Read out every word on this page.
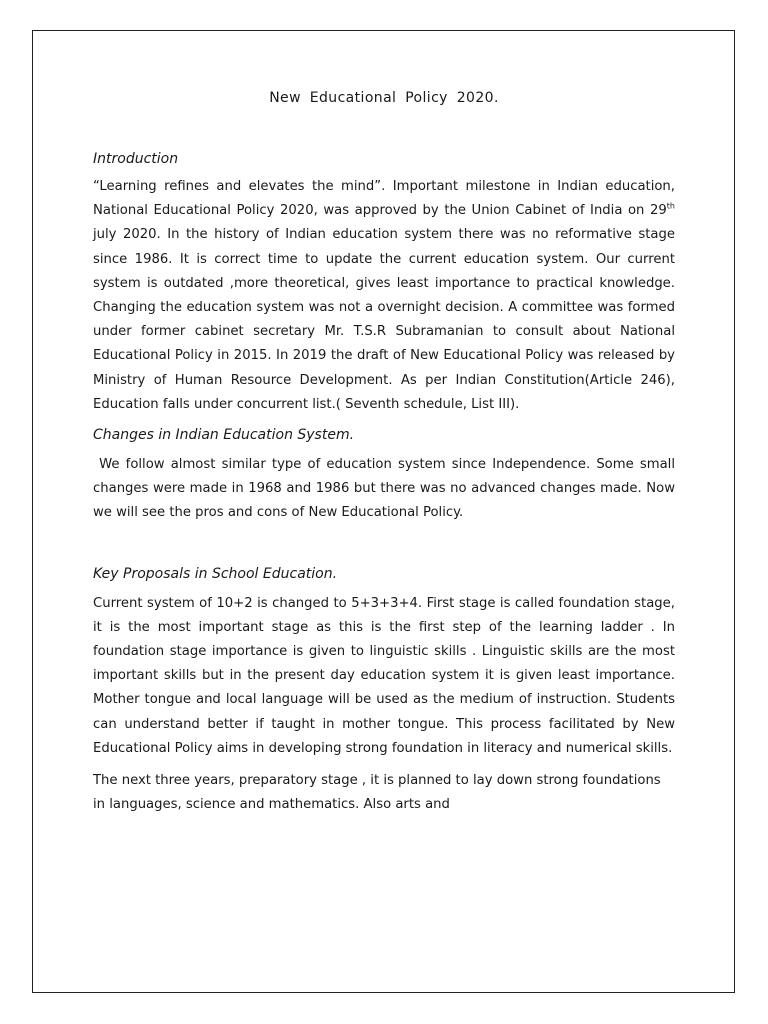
New Educational Policy 2020.
Introduction

“Learning refines and elevates the mind”. Important milestone in Indian education, National Educational Policy 2020, was approved by the Union Cabinet of India on 29th july 2020. In the history of Indian education system there was no reformative stage since 1986. It is correct time to update the current education system. Our current system is outdated ,more theoretical, gives least importance to practical knowledge. Changing the education system was not a overnight decision. A committee was formed under former cabinet secretary Mr. T.S.R Subramanian to consult about National Educational Policy in 2015. In 2019 the draft of New Educational Policy was released by Ministry of Human Resource Development. As per Indian Constitution(Article 246), Education falls under concurrent list.( Seventh schedule, List III).

Changes in Indian Education System.

We follow almost similar type of education system since Independence. Some small changes were made in 1968 and 1986 but there was no advanced changes made. Now we will see the pros and cons of New Educational Policy.

Key Proposals in School Education.

Current system of 10+2 is changed to 5+3+3+4. First stage is called foundation stage, it is the most important stage as this is the first step of the learning ladder . In foundation stage importance is given to linguistic skills . Linguistic skills are the most important skills but in the present day education system it is given least importance. Mother tongue and local language will be used as the medium of instruction. Students can understand better if taught in mother tongue. This process facilitated by New Educational Policy aims in developing strong foundation in literacy and numerical skills.

The next three years, preparatory stage , it is planned to lay down strong foundations in languages, science and mathematics. Also arts and
